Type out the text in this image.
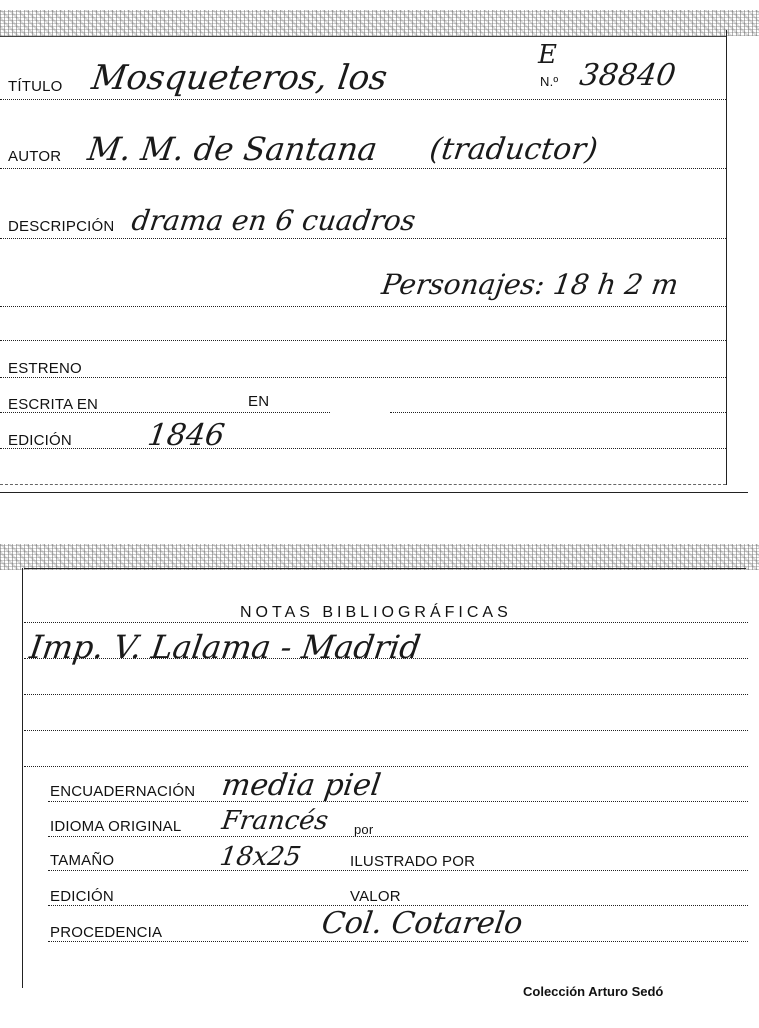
TÍTULO Mosqueteros, los
E
N.º 38840
AUTOR M. M. de Santana (traductor)
DESCRIPCIÓN drama en 6 cuadros
Personajes: 18 h 2 m
ESTRENO
ESCRITA EN	EN
EDICIÓN 1846
NOTAS BIBLIOGRÁFICAS
Imp. V. Lalama - Madrid
ENCUADERNACIÓN media piel
IDIOMA ORIGINAL Francés por
TAMAÑO	18x25	ILUSTRADO POR
EDICIÓN	VALOR
PROCEDENCIA	Col. Cotarelo
Colección Arturo Sedó
